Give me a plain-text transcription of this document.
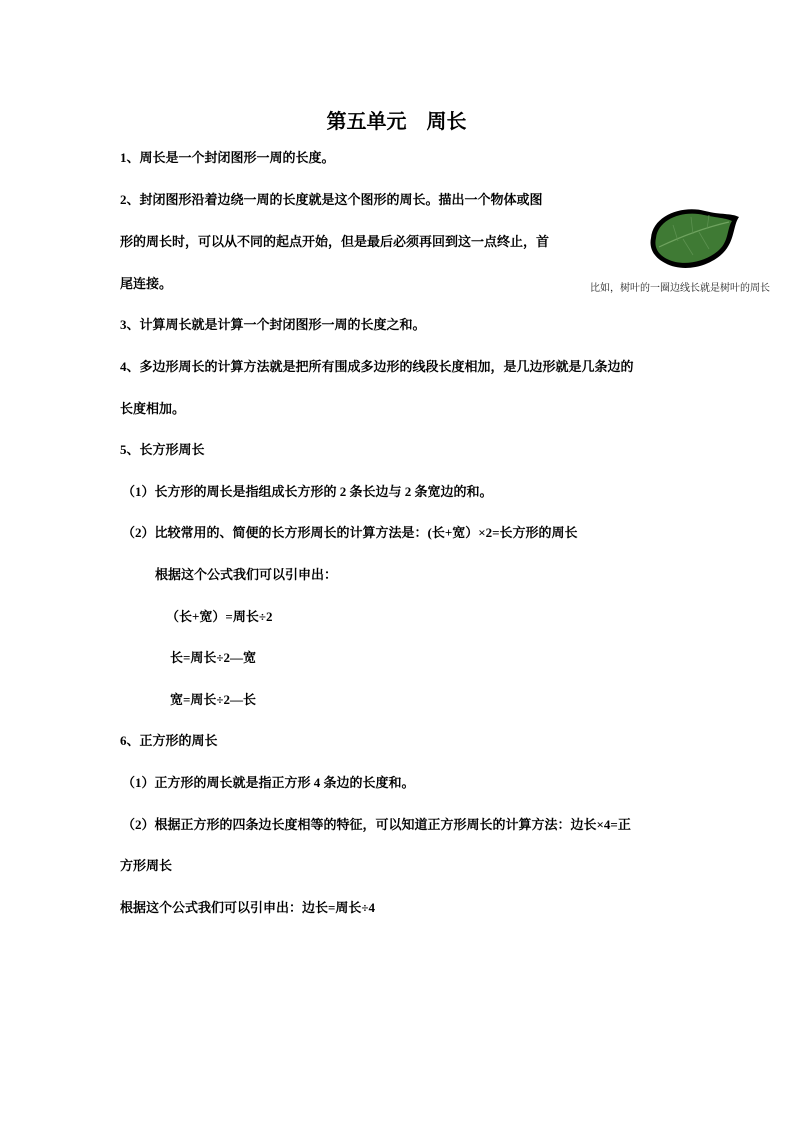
第五单元　周长
1、周长是一个封闭图形一周的长度。
2、封闭图形沿着边绕一周的长度就是这个图形的周长。描出一个物体或图
形的周长时，可以从不同的起点开始，但是最后必须再回到这一点终止，首
尾连接。
3、计算周长就是计算一个封闭图形一周的长度之和。
4、多边形周长的计算方法就是把所有围成多边形的线段长度相加，是几边形就是几条边的
长度相加。
5、长方形周长
（1）长方形的周长是指组成长方形的 2 条长边与 2 条宽边的和。
（2）比较常用的、简便的长方形周长的计算方法是：(长+宽）×2=长方形的周长
根据这个公式我们可以引申出：
（长+宽）=周长÷2
长=周长÷2—宽
宽=周长÷2—长
6、正方形的周长
（1）正方形的周长就是指正方形 4 条边的长度和。
（2）根据正方形的四条边长度相等的特征，可以知道正方形周长的计算方法：边长×4=正
方形周长
根据这个公式我们可以引申出：边长=周长÷4
比如，树叶的一圈边线长就是树叶的周长
